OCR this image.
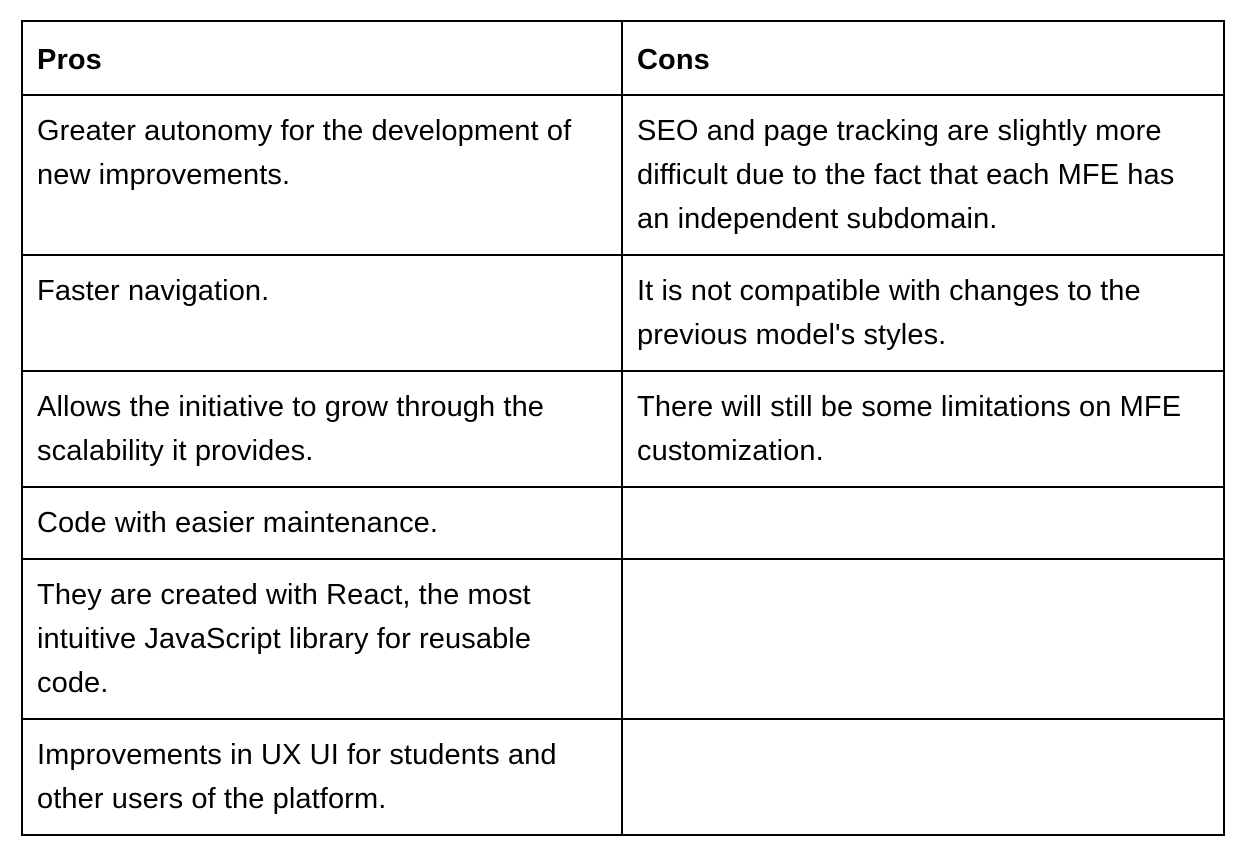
Pros	Cons
Greater autonomy for the development of new improvements.	SEO and page tracking are slightly more difficult due to the fact that each MFE has an independent subdomain.
Faster navigation.	It is not compatible with changes to the previous model's styles.
Allows the initiative to grow through the scalability it provides.	There will still be some limitations on MFE customization.
Code with easier maintenance.	
They are created with React, the most intuitive JavaScript library for reusable code.	
Improvements in UX UI for students and other users of the platform.	
